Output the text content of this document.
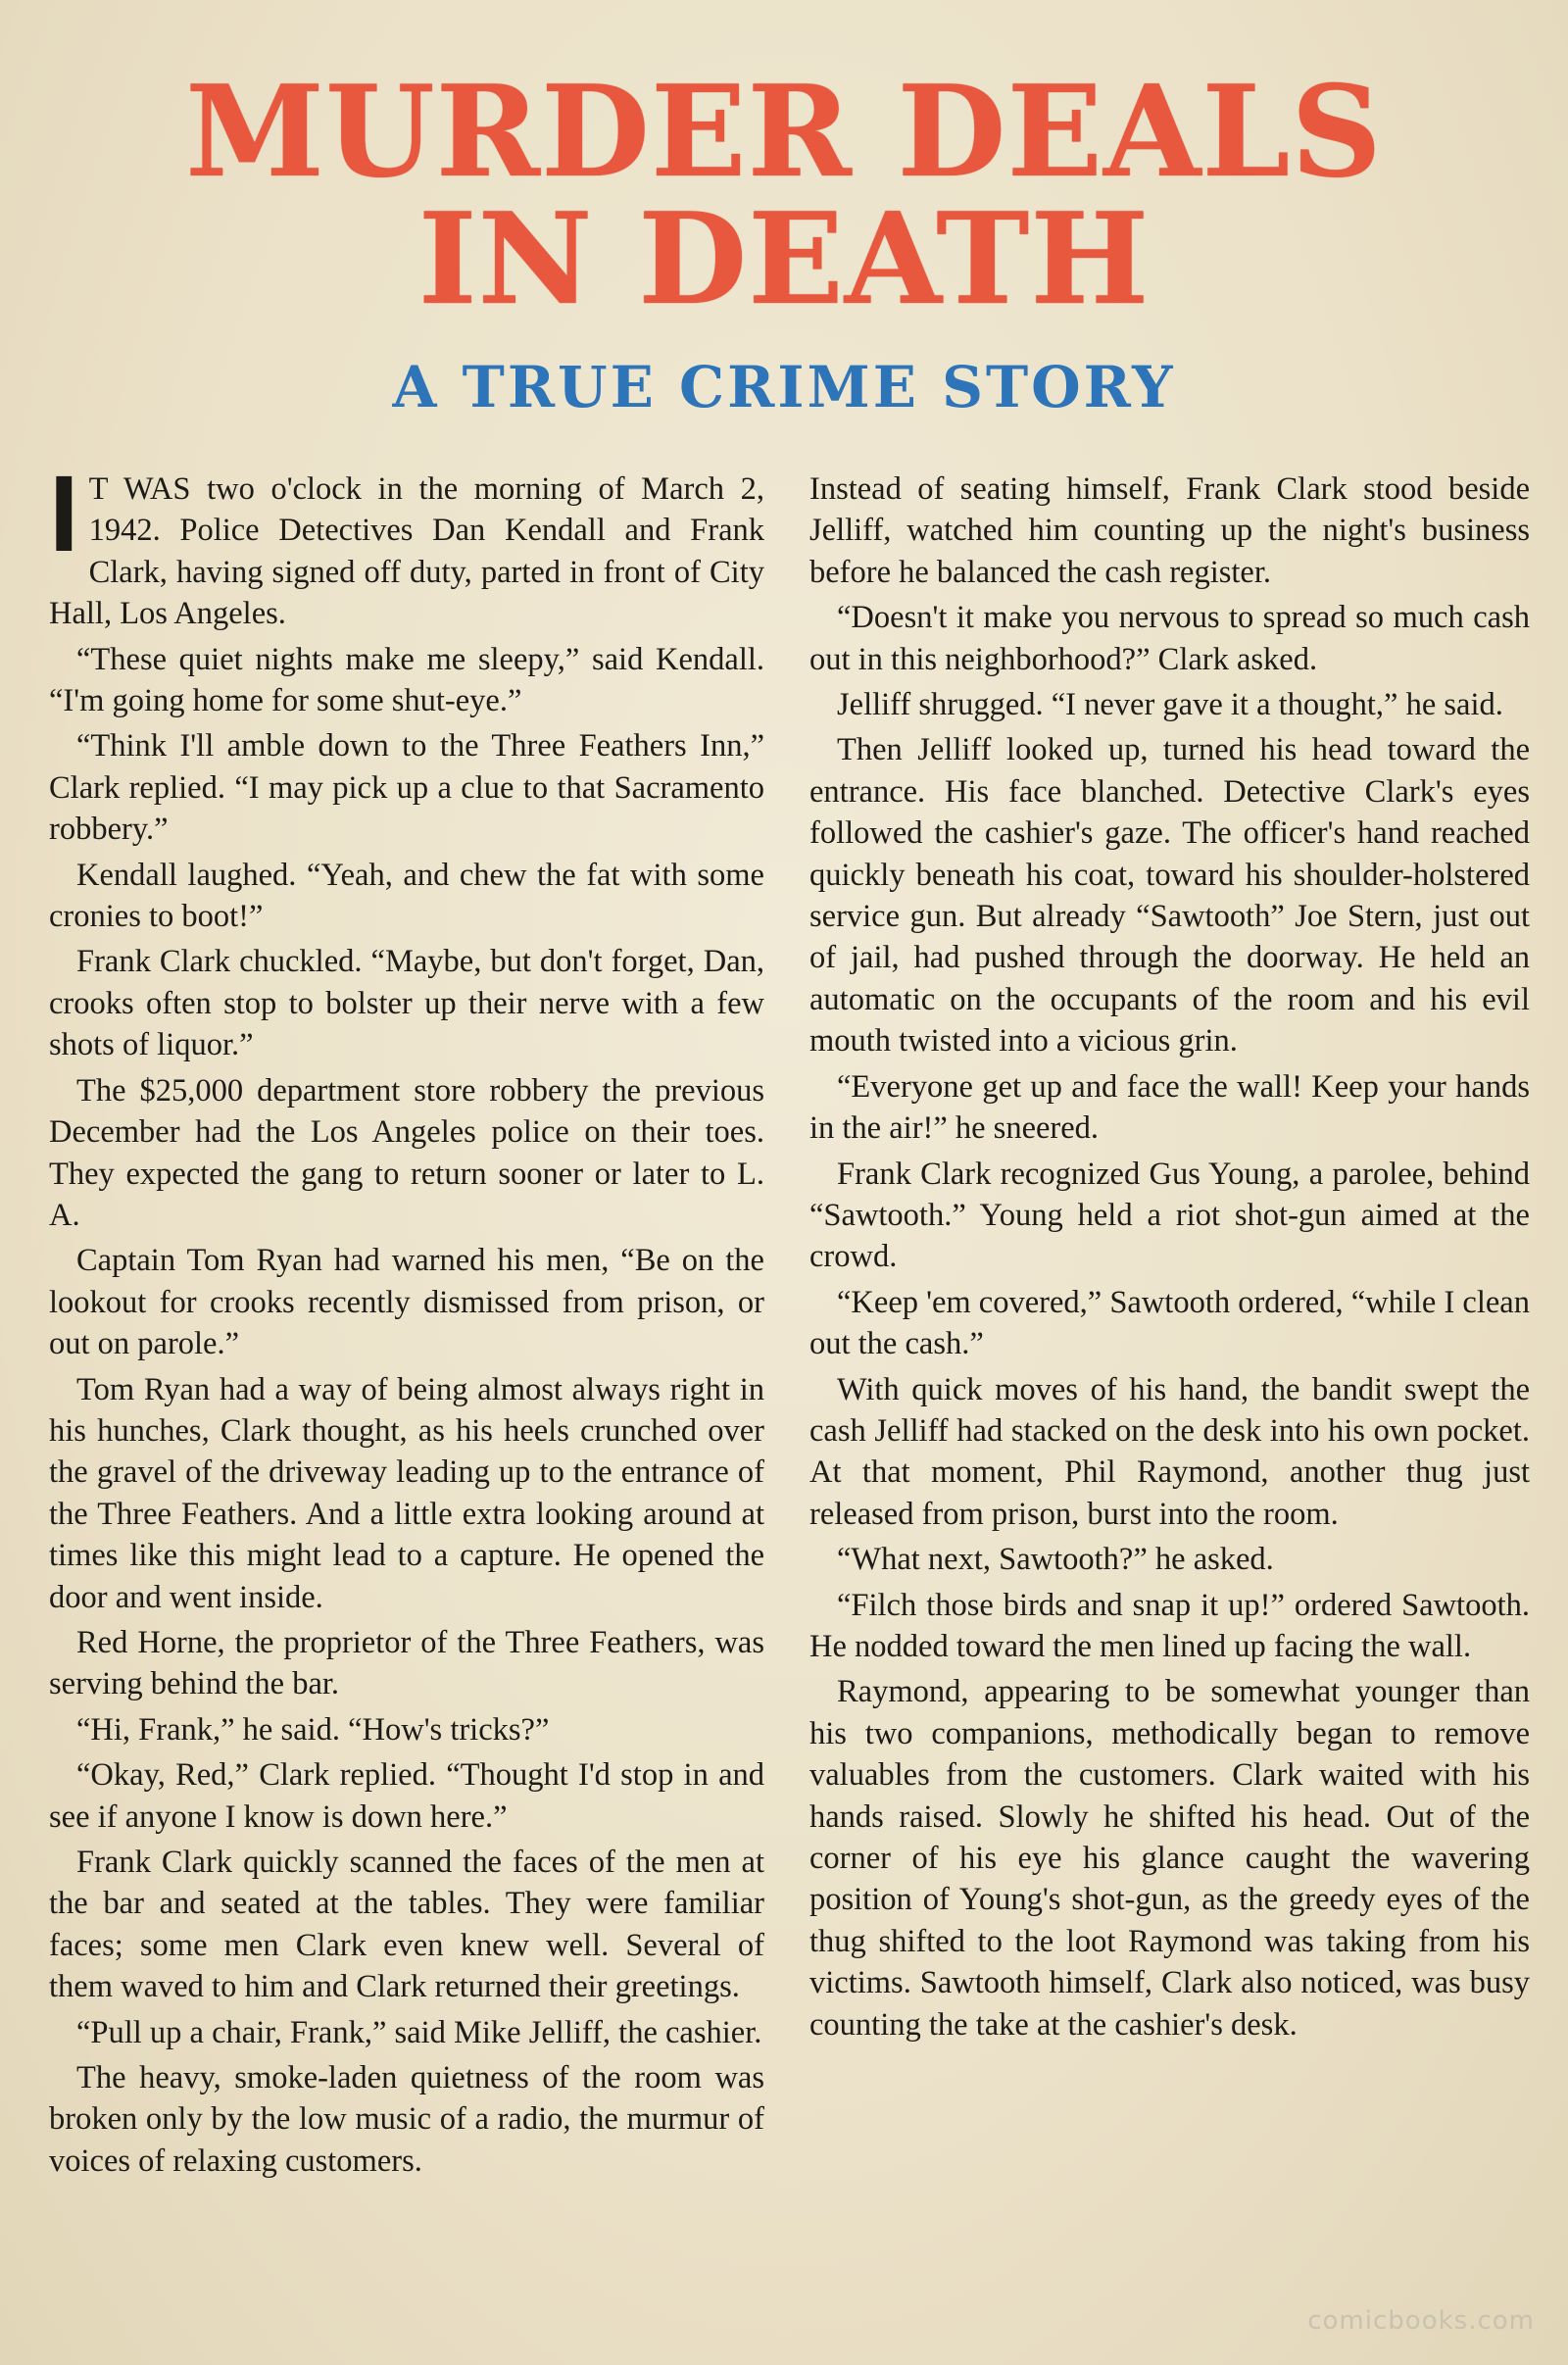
MURDER DEALS
IN DEATH
A TRUE CRIME STORY

I T WAS two o'clock in the morning of March 2, 1942. Police Detectives Dan Kendall and Frank Clark, having signed off duty, parted in front of City Hall, Los Angeles.

“These quiet nights make me sleepy,” said Kendall. “I'm going home for some shut-eye.”

“Think I'll amble down to the Three Feathers Inn,” Clark replied. “I may pick up a clue to that Sacramento robbery.”

Kendall laughed. “Yeah, and chew the fat with some cronies to boot!”

Frank Clark chuckled. “Maybe, but don't forget, Dan, crooks often stop to bolster up their nerve with a few shots of liquor.”

The $25,000 department store robbery the previous December had the Los Angeles police on their toes. They expected the gang to return sooner or later to L. A.

Captain Tom Ryan had warned his men, “Be on the lookout for crooks recently dismissed from prison, or out on parole.”

Tom Ryan had a way of being almost always right in his hunches, Clark thought, as his heels crunched over the gravel of the driveway leading up to the entrance of the Three Feathers. And a little extra looking around at times like this might lead to a capture. He opened the door and went inside.

Red Horne, the proprietor of the Three Feathers, was serving behind the bar.

“Hi, Frank,” he said. “How's tricks?”

“Okay, Red,” Clark replied. “Thought I'd stop in and see if anyone I know is down here.”

Frank Clark quickly scanned the faces of the men at the bar and seated at the tables. They were familiar faces; some men Clark even knew well. Several of them waved to him and Clark returned their greetings.

“Pull up a chair, Frank,” said Mike Jelliff, the cashier.

The heavy, smoke-laden quietness of the room was broken only by the low music of a radio, the murmur of voices of relaxing customers.

Instead of seating himself, Frank Clark stood beside Jelliff, watched him counting up the night's business before he balanced the cash register.

“Doesn't it make you nervous to spread so much cash out in this neighborhood?” Clark asked.

Jelliff shrugged. “I never gave it a thought,” he said.

Then Jelliff looked up, turned his head toward the entrance. His face blanched. Detective Clark's eyes followed the cashier's gaze. The officer's hand reached quickly beneath his coat, toward his shoulder-holstered service gun. But already “Sawtooth” Joe Stern, just out of jail, had pushed through the doorway. He held an automatic on the occupants of the room and his evil mouth twisted into a vicious grin.

“Everyone get up and face the wall! Keep your hands in the air!” he sneered.

Frank Clark recognized Gus Young, a parolee, behind “Sawtooth.” Young held a riot shot-gun aimed at the crowd.

“Keep 'em covered,” Sawtooth ordered, “while I clean out the cash.”

With quick moves of his hand, the bandit swept the cash Jelliff had stacked on the desk into his own pocket. At that moment, Phil Raymond, another thug just released from prison, burst into the room.

“What next, Sawtooth?” he asked.

“Filch those birds and snap it up!” ordered Sawtooth. He nodded toward the men lined up facing the wall.

Raymond, appearing to be somewhat younger than his two companions, methodically began to remove valuables from the customers. Clark waited with his hands raised. Slowly he shifted his head. Out of the corner of his eye his glance caught the wavering position of Young's shot-gun, as the greedy eyes of the thug shifted to the loot Raymond was taking from his victims. Sawtooth himself, Clark also noticed, was busy counting the take at the cashier's desk.

comicbooks.com
